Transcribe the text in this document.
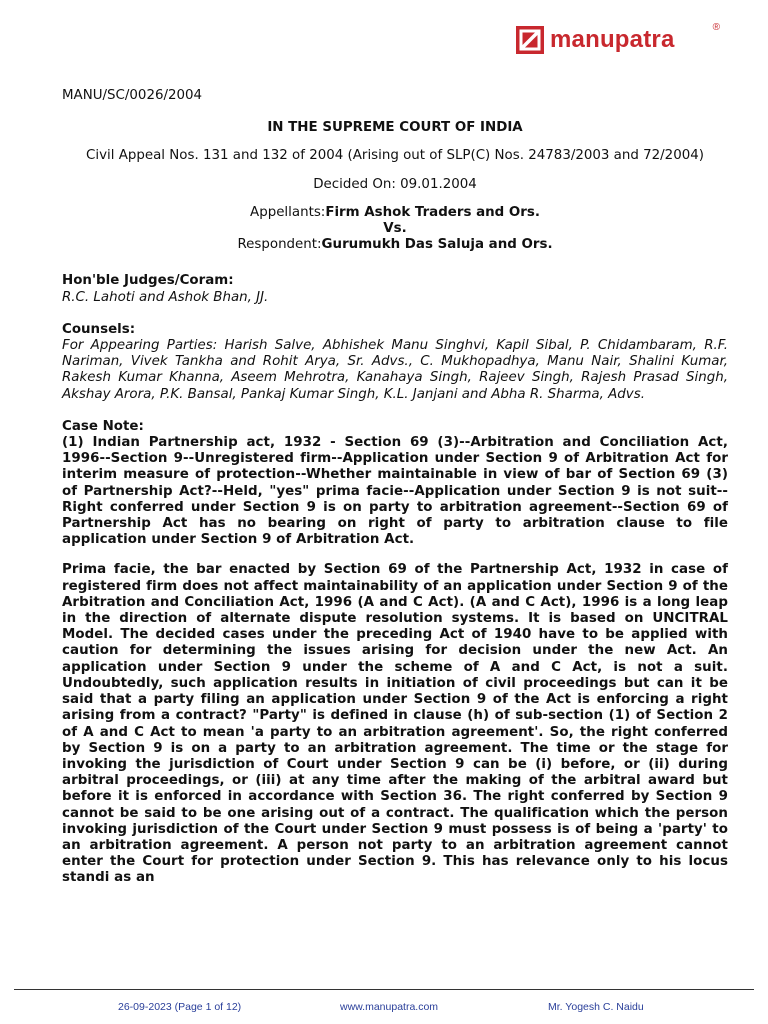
manupatra	®

MANU/SC/0026/2004

IN THE SUPREME COURT OF INDIA

Civil Appeal Nos. 131 and 132 of 2004 (Arising out of SLP(C) Nos. 24783/2003 and 72/2004)

Decided On: 09.01.2004

Appellants:Firm Ashok Traders and Ors.
Vs.
Respondent:Gurumukh Das Saluja and Ors.

Hon'ble Judges/Coram:

R.C. Lahoti and Ashok Bhan, JJ.

Counsels:

For Appearing Parties: Harish Salve, Abhishek Manu Singhvi, Kapil Sibal, P. Chidambaram, R.F. Nariman, Vivek Tankha and Rohit Arya, Sr. Advs., C. Mukhopadhya, Manu Nair, Shalini Kumar, Rakesh Kumar Khanna, Aseem Mehrotra, Kanahaya Singh, Rajeev Singh, Rajesh Prasad Singh, Akshay Arora, P.K. Bansal, Pankaj Kumar Singh, K.L. Janjani and Abha R. Sharma, Advs.

Case Note:

(1) Indian Partnership act, 1932 - Section 69 (3)--Arbitration and Conciliation Act, 1996--Section 9--Unregistered firm--Application under Section 9 of Arbitration Act for interim measure of protection--Whether maintainable in view of bar of Section 69 (3) of Partnership Act?--Held, "yes" prima facie--Application under Section 9 is not suit--Right conferred under Section 9 is on party to arbitration agreement--Section 69 of Partnership Act has no bearing on right of party to arbitration clause to file application under Section 9 of Arbitration Act.

Prima facie, the bar enacted by Section 69 of the Partnership Act, 1932 in case of registered firm does not affect maintainability of an application under Section 9 of the Arbitration and Conciliation Act, 1996 (A and C Act). (A and C Act), 1996 is a long leap in the direction of alternate dispute resolution systems. It is based on UNCITRAL Model. The decided cases under the preceding Act of 1940 have to be applied with caution for determining the issues arising for decision under the new Act. An application under Section 9 under the scheme of A and C Act, is not a suit. Undoubtedly, such application results in initiation of civil proceedings but can it be said that a party filing an application under Section 9 of the Act is enforcing a right arising from a contract? "Party" is defined in clause (h) of sub-section (1) of Section 2 of A and C Act to mean 'a party to an arbitration agreement'. So, the right conferred by Section 9 is on a party to an arbitration agreement. The time or the stage for invoking the jurisdiction of Court under Section 9 can be (i) before, or (ii) during arbitral proceedings, or (iii) at any time after the making of the arbitral award but before it is enforced in accordance with Section 36. The right conferred by Section 9 cannot be said to be one arising out of a contract. The qualification which the person invoking jurisdiction of the Court under Section 9 must possess is of being a 'party' to an arbitration agreement. A person not party to an arbitration agreement cannot enter the Court for protection under Section 9. This has relevance only to his locus standi as an

26-09-2023 (Page 1 of 12)	www.manupatra.com	Mr. Yogesh C. Naidu
